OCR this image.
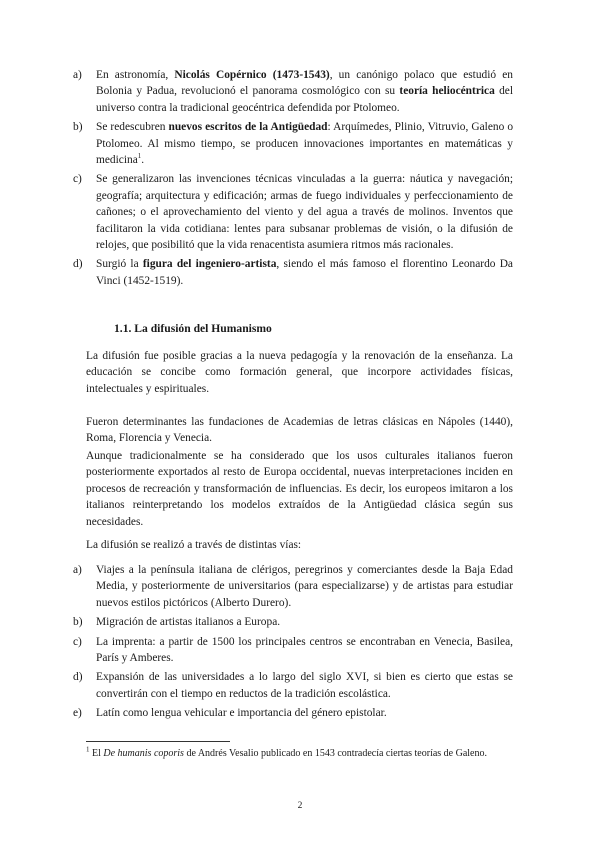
a) En astronomía, Nicolás Copérnico (1473-1543), un canónigo polaco que estudió en Bolonia y Padua, revolucionó el panorama cosmológico con su teoría heliocéntrica del universo contra la tradicional geocéntrica defendida por Ptolomeo.
b) Se redescubren nuevos escritos de la Antigüedad: Arquímedes, Plinio, Vitruvio, Galeno o Ptolomeo. Al mismo tiempo, se producen innovaciones importantes en matemáticas y medicina$^1$.
c) Se generalizaron las invenciones técnicas vinculadas a la guerra: náutica y navegación; geografía; arquitectura y edificación; armas de fuego individuales y perfeccionamiento de cañones; o el aprovechamiento del viento y del agua a través de molinos. Inventos que facilitaron la vida cotidiana: lentes para subsanar problemas de visión, o la difusión de relojes, que posibilitó que la vida renacentista asumiera ritmos más racionales.
d) Surgió la figura del ingeniero-artista, siendo el más famoso el florentino Leonardo Da Vinci (1452-1519).
1.1. La difusión del Humanismo

La difusión fue posible gracias a la nueva pedagogía y la renovación de la enseñanza. La educación se concibe como formación general, que incorpore actividades físicas, intelectuales y espirituales.

Fueron determinantes las fundaciones de Academias de letras clásicas en Nápoles (1440), Roma, Florencia y Venecia.

Aunque tradicionalmente se ha considerado que los usos culturales italianos fueron posteriormente exportados al resto de Europa occidental, nuevas interpretaciones inciden en procesos de recreación y transformación de influencias. Es decir, los europeos imitaron a los italianos reinterpretando los modelos extraídos de la Antigüedad clásica según sus necesidades.

La difusión se realizó a través de distintas vías:

a) Viajes a la península italiana de clérigos, peregrinos y comerciantes desde la Baja Edad Media, y posteriormente de universitarios (para especializarse) y de artistas para estudiar nuevos estilos pictóricos (Alberto Durero).
b) Migración de artistas italianos a Europa.
c) La imprenta: a partir de 1500 los principales centros se encontraban en Venecia, Basilea, París y Amberes.
d) Expansión de las universidades a lo largo del siglo XVI, si bien es cierto que estas se convertirán con el tiempo en reductos de la tradición escolástica.
e) Latín como lengua vehicular e importancia del género epistolar.

$^1$ El De humanis coporis de Andrés Vesalio publicado en 1543 contradecía ciertas teorías de Galeno.

2
